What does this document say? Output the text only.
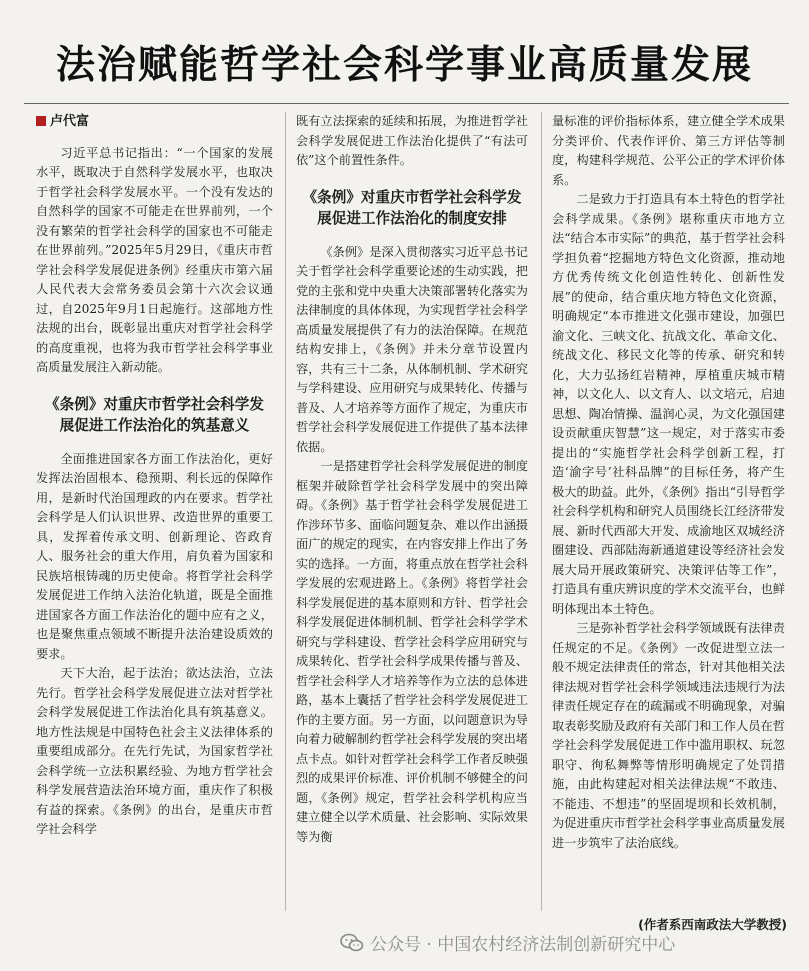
法治赋能哲学社会科学事业高质量发展
卢代富

习近平总书记指出：“一个国家的发展水平，既取决于自然科学发展水平，也取决于哲学社会科学发展水平。一个没有发达的自然科学的国家不可能走在世界前列，一个没有繁荣的哲学社会科学的国家也不可能走在世界前列。”2025年5月29日，《重庆市哲学社会科学发展促进条例》经重庆市第六届人民代表大会常务委员会第十六次会议通过，自2025年9月1日起施行。这部地方性法规的出台，既彰显出重庆对哲学社会科学的高度重视，也将为我市哲学社会科学事业高质量发展注入新动能。

《条例》对重庆市哲学社会科学发展促进工作法治化的筑基意义

全面推进国家各方面工作法治化，更好发挥法治固根本、稳预期、利长远的保障作用，是新时代治国理政的内在要求。哲学社会科学是人们认识世界、改造世界的重要工具，发挥着传承文明、创新理论、咨政育人、服务社会的重大作用，肩负着为国家和民族培根铸魂的历史使命。将哲学社会科学发展促进工作纳入法治化轨道，既是全面推进国家各方面工作法治化的题中应有之义，也是聚焦重点领域不断提升法治建设质效的要求。

天下大治，起于法治；欲达法治，立法先行。哲学社会科学发展促进立法对哲学社会科学发展促进工作法治化具有筑基意义。地方性法规是中国特色社会主义法律体系的重要组成部分。在先行先试，为国家哲学社会科学统一立法积累经验、为地方哲学社会科学发展营造法治环境方面，重庆作了积极有益的探索。《条例》的出台，是重庆市哲学社会科学

既有立法探索的延续和拓展，为推进哲学社会科学发展促进工作法治化提供了“有法可依”这个前置性条件。

《条例》对重庆市哲学社会科学发展促进工作法治化的制度安排

《条例》是深入贯彻落实习近平总书记关于哲学社会科学重要论述的生动实践，把党的主张和党中央重大决策部署转化落实为法律制度的具体体现，为实现哲学社会科学高质量发展提供了有力的法治保障。在规范结构安排上，《条例》并未分章节设置内容，共有三十二条，从体制机制、学术研究与学科建设、应用研究与成果转化、传播与普及、人才培养等方面作了规定，为重庆市哲学社会科学发展促进工作提供了基本法律依据。

一是搭建哲学社会科学发展促进的制度框架并破除哲学社会科学发展中的突出障碍。《条例》基于哲学社会科学发展促进工作涉环节多、面临问题复杂、难以作出涵摄面广的规定的现实，在内容安排上作出了务实的选择。一方面，将重点放在哲学社会科学发展的宏观进路上。《条例》将哲学社会科学发展促进的基本原则和方针、哲学社会科学发展促进体制机制、哲学社会科学学术研究与学科建设、哲学社会科学应用研究与成果转化、哲学社会科学成果传播与普及、哲学社会科学人才培养等作为立法的总体进路，基本上囊括了哲学社会科学发展促进工作的主要方面。另一方面，以问题意识为导向着力破解制约哲学社会科学发展的突出堵点卡点。如针对哲学社会科学工作者反映强烈的成果评价标准、评价机制不够健全的问题，《条例》规定，哲学社会科学机构应当建立健全以学术质量、社会影响、实际效果等为衡

量标准的评价指标体系，建立健全学术成果分类评价、代表作评价、第三方评估等制度，构建科学规范、公平公正的学术评价体系。

二是致力于打造具有本土特色的哲学社会科学成果。《条例》堪称重庆市地方立法“结合本市实际”的典范，基于哲学社会科学担负着“挖掘地方特色文化资源，推动地方优秀传统文化创造性转化、创新性发展”的使命，结合重庆地方特色文化资源，明确规定“本市推进文化强市建设，加强巴渝文化、三峡文化、抗战文化、革命文化、统战文化、移民文化等的传承、研究和转化，大力弘扬红岩精神，厚植重庆城市精神，以文化人、以文育人、以文培元，启迪思想、陶冶情操、温润心灵，为文化强国建设贡献重庆智慧”这一规定，对于落实市委提出的“实施哲学社会科学创新工程，打造‘渝字号’社科品牌”的目标任务，将产生极大的助益。此外，《条例》指出“引导哲学社会科学机构和研究人员围绕长江经济带发展、新时代西部大开发、成渝地区双城经济圈建设、西部陆海新通道建设等经济社会发展大局开展政策研究、决策评估等工作”，打造具有重庆辨识度的学术交流平台，也鲜明体现出本土特色。

三是弥补哲学社会科学领域既有法律责任规定的不足。《条例》一改促进型立法一般不规定法律责任的常态，针对其他相关法律法规对哲学社会科学领域违法违规行为法律责任规定存在的疏漏或不明确现象，对骗取表彰奖励及政府有关部门和工作人员在哲学社会科学发展促进工作中滥用职权、玩忽职守、徇私舞弊等情形明确规定了处罚措施，由此构建起对相关法律法规“不敢违、不能违、不想违”的坚固堤坝和长效机制，为促进重庆市哲学社会科学事业高质量发展进一步筑牢了法治底线。

(作者系西南政法大学教授)
公众号 · 中国农村经济法制创新研究中心
